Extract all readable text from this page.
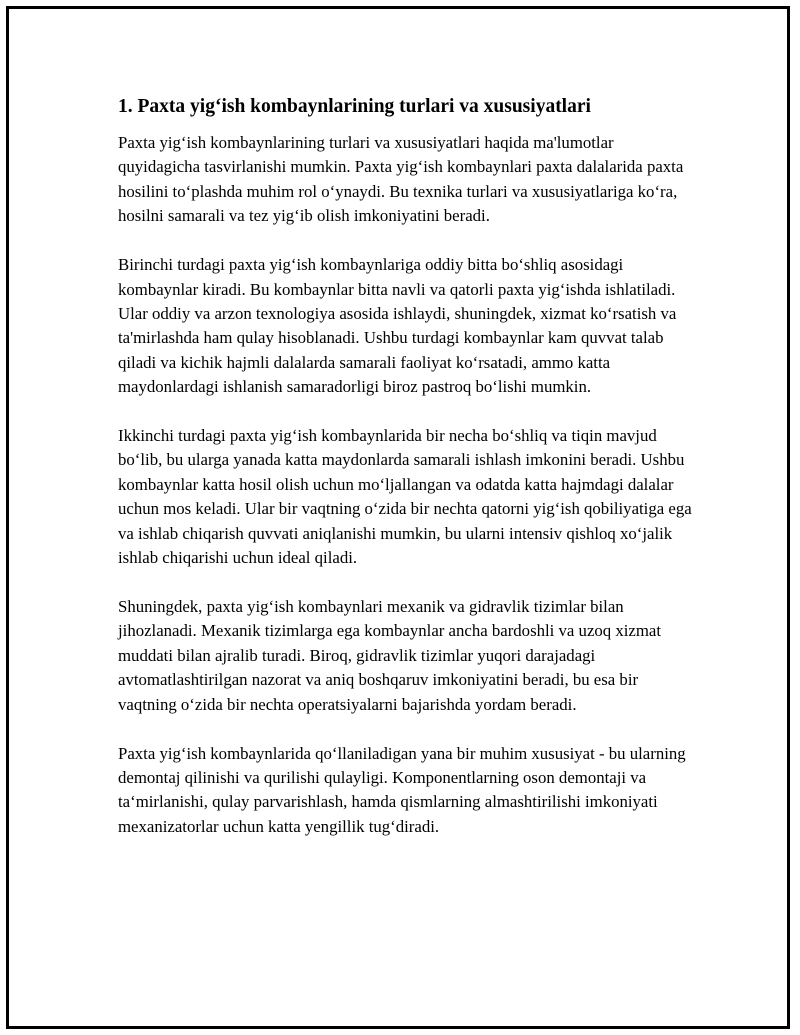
1. Paxta yig‘ish kombaynlarining turlari va xususiyatlari

Paxta yig‘ish kombaynlarining turlari va xususiyatlari haqida ma'lumotlar quyidagicha tasvirlanishi mumkin. Paxta yig‘ish kombaynlari paxta dalalarida paxta hosilini to‘plashda muhim rol o‘ynaydi. Bu texnika turlari va xususiyatlariga ko‘ra, hosilni samarali va tez yig‘ib olish imkoniyatini beradi.

Birinchi turdagi paxta yig‘ish kombaynlariga oddiy bitta bo‘shliq asosidagi kombaynlar kiradi. Bu kombaynlar bitta navli va qatorli paxta yig‘ishda ishlatiladi. Ular oddiy va arzon texnologiya asosida ishlaydi, shuningdek, xizmat ko‘rsatish va ta'mirlashda ham qulay hisoblanadi. Ushbu turdagi kombaynlar kam quvvat talab qiladi va kichik hajmli dalalarda samarali faoliyat ko‘rsatadi, ammo katta maydonlardagi ishlanish samaradorligi biroz pastroq bo‘lishi mumkin.

Ikkinchi turdagi paxta yig‘ish kombaynlarida bir necha bo‘shliq va tiqin mavjud bo‘lib, bu ularga yanada katta maydonlarda samarali ishlash imkonini beradi. Ushbu kombaynlar katta hosil olish uchun mo‘ljallangan va odatda katta hajmdagi dalalar uchun mos keladi. Ular bir vaqtning o‘zida bir nechta qatorni yig‘ish qobiliyatiga ega va ishlab chiqarish quvvati aniqlanishi mumkin, bu ularni intensiv qishloq xo‘jalik ishlab chiqarishi uchun ideal qiladi.

Shuningdek, paxta yig‘ish kombaynlari mexanik va gidravlik tizimlar bilan jihozlanadi. Mexanik tizimlarga ega kombaynlar ancha bardoshli va uzoq xizmat muddati bilan ajralib turadi. Biroq, gidravlik tizimlar yuqori darajadagi avtomatlashtirilgan nazorat va aniq boshqaruv imkoniyatini beradi, bu esa bir vaqtning o‘zida bir nechta operatsiyalarni bajarishda yordam beradi.

Paxta yig‘ish kombaynlarida qo‘llaniladigan yana bir muhim xususiyat - bu ularning demontaj qilinishi va qurilishi qulayligi. Komponentlarning oson demontaji va ta‘mirlanishi, qulay parvarishlash, hamda qismlarning almashtirilishi imkoniyati mexanizatorlar uchun katta yengillik tug‘diradi.
